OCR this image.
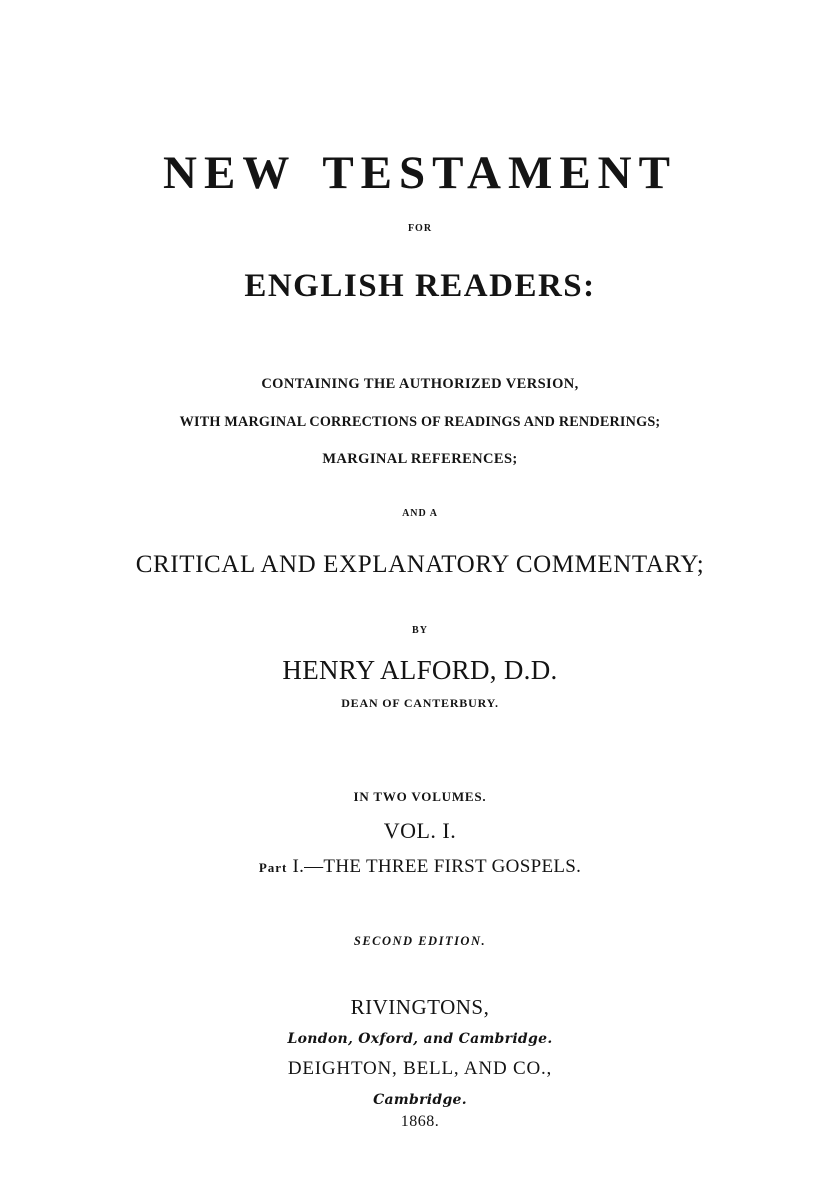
NEW TESTAMENT
FOR
ENGLISH READERS:
CONTAINING THE AUTHORIZED VERSION,
WITH MARGINAL CORRECTIONS OF READINGS AND RENDERINGS;
MARGINAL REFERENCES;
AND A
CRITICAL AND EXPLANATORY COMMENTARY;
BY
HENRY ALFORD, D.D.
DEAN OF CANTERBURY.
IN TWO VOLUMES.
VOL. I.
Part I.—THE THREE FIRST GOSPELS.
SECOND EDITION.
RIVINGTONS,
London, Oxford, and Cambridge.
DEIGHTON, BELL, AND CO.,
Cambridge.
1868.
